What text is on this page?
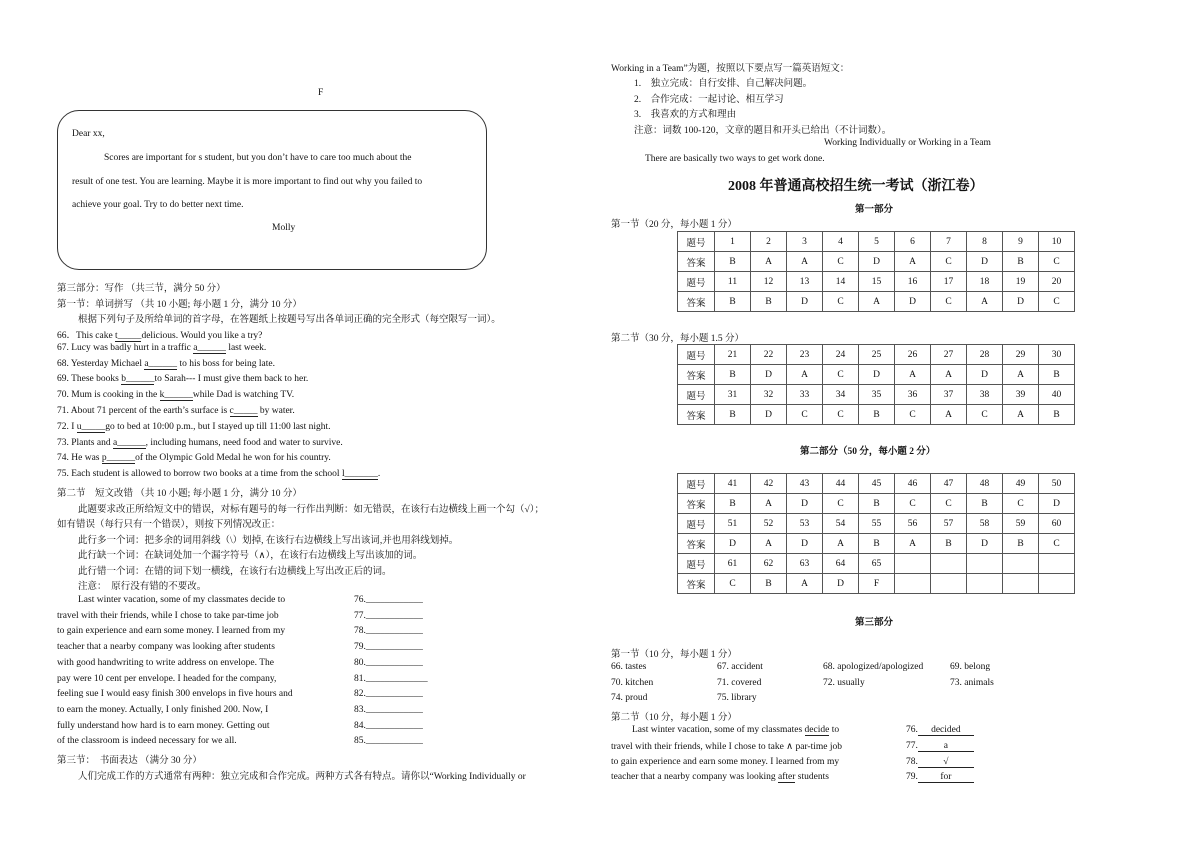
F
Dear xx,
Scores are important for s student, but you don’t have to care too much about the
result of one test. You are learning. Maybe it is more important to find out why you failed to
achieve your goal. Try to do better next time.
Molly
第三部分：写作 （共三节，满分 50 分）
第一节：单词拼写 （共 10 小题; 每小题 1 分，满分 10 分）
根据下列句子及所给单词的首字母，在答题纸上按题号写出各单词正确的完全形式（每空限写一词）。
66．This cake t_____delicious. Would you like a try?
67. Lucy was badly hurt in a traffic a______ last week.
68. Yesterday Michael a______ to his boss for being late.
69. These books b______to Sarah--- I must give them back to her.
70. Mum is cooking in the k______while Dad is watching TV.
71. About 71 percent of the earth’s surface is c_____ by water.
72. I u_____go to bed at 10:00 p.m., but I stayed up till 11:00 last night.
73. Plants and a______, including humans, need food and water to survive.
74. He was p______of the Olympic Gold Medal he won for his country.
75. Each student is allowed to borrow two books at a time from the school l_______.
第二节　短文改错 （共 10 小题; 每小题 1 分，满分 10 分）
此题要求改正所给短文中的错误，对标有题号的每一行作出判断：如无错误，在该行右边横线上画一个勾（√）；
如有错误（每行只有一个错误），则按下列情况改正：
此行多一个词：把多余的词用斜线（\）划掉, 在该行右边横线上写出该词,并也用斜线划掉。
此行缺一个词：在缺词处加一个漏字符号（∧），在该行右边横线上写出该加的词。
此行错一个词：在错的词下划一横线，在该行右边横线上写出改正后的词。
注意：　原行没有错的不要改。
Last winter vacation, some of my classmates decide to	76.____________
travel with their friends, while I chose to take par-time job	77.____________
to gain experience and earn some money. I learned from my	78.____________
teacher that a nearby company was looking after students	79.____________
with good handwriting to write address on envelope. The	80.____________
pay were 10 cent per envelope. I headed for the company,	81._____________
feeling sue I would easy finish 300 envelops in five hours and	82.____________
to earn the money. Actually, I only finished 200. Now, I	83.____________
fully understand how hard is to earn money. Getting out	84.____________
of the classroom is indeed necessary for we all.	85.____________
第三节：　书面表达 （满分 30 分）
人们完成工作的方式通常有两种：独立完成和合作完成。两种方式各有特点。请你以“Working Individually or
Working in a Team”为题，按照以下要点写一篇英语短文：
1.　独立完成：自行安排、自己解决问题。
2.　合作完成：一起讨论、相互学习
3.　我喜欢的方式和理由
注意：词数 100-120，文章的题目和开头已给出（不计词数）。
Working Individually or Working in a Team
There are basically two ways to get work done.
2008 年普通高校招生统一考试（浙江卷）
第一部分
第一节（20 分，每小题 1 分）
题号	1	2	3	4	5	6	7	8	9	10
答案	B	A	A	C	D	A	C	D	B	C
题号	11	12	13	14	15	16	17	18	19	20
答案	B	B	D	C	A	D	C	A	D	C
第二节（30 分，每小题 1.5 分）
题号	21	22	23	24	25	26	27	28	29	30
答案	B	D	A	C	D	A	A	D	A	B
题号	31	32	33	34	35	36	37	38	39	40
答案	B	D	C	C	B	C	A	C	A	B
第二部分（50 分，每小题 2 分）
题号	41	42	43	44	45	46	47	48	49	50
答案	B	A	D	C	B	C	C	B	C	D
题号	51	52	53	54	55	56	57	58	59	60
答案	D	A	D	A	B	A	B	D	B	C
题号	61	62	63	64	65					
答案	C	B	A	D	F					
第三部分
第一节（10 分，每小题 1 分）
66. tastes	67. accident	68. apologized/apologized	69. belong
70. kitchen	71. covered	72. usually	73. animals
74. proud	75. library
第二节（10 分，每小题 1 分）
Last winter vacation, some of my classmates decide to	76. decided
travel with their friends, while I chose to take ∧ par-time job	77.	a
to gain experience and earn some money. I learned from my	78.	√
teacher that a nearby company was looking after students	79. for
